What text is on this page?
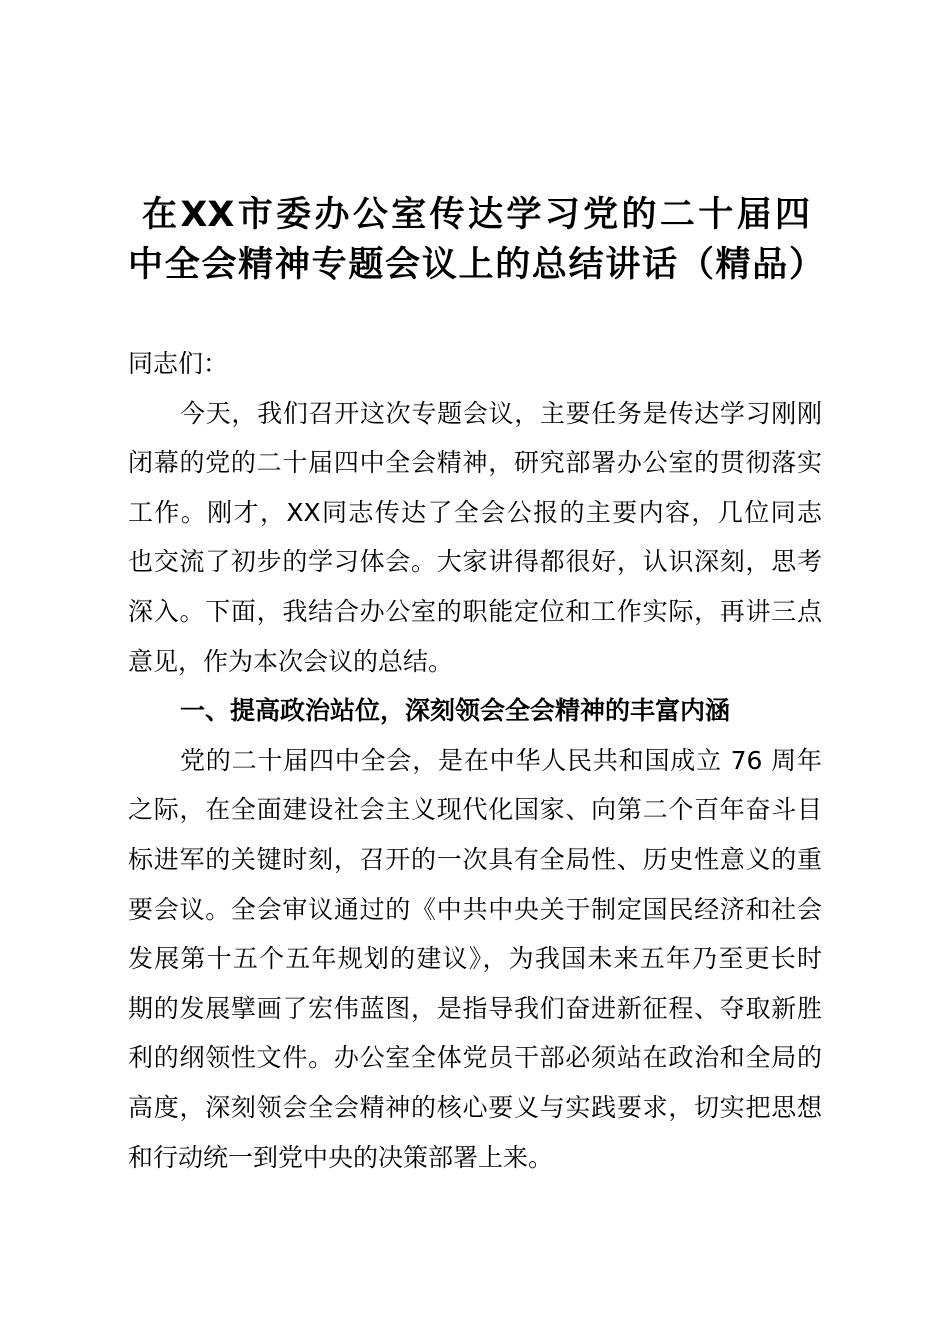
在XX市委办公室传达学习党的二十届四
中全会精神专题会议上的总结讲话（精品）
同志们：
今天，我们召开这次专题会议，主要任务是传达学习刚刚
闭幕的党的二十届四中全会精神，研究部署办公室的贯彻落实
工作。刚才，XX同志传达了全会公报的主要内容，几位同志
也交流了初步的学习体会。大家讲得都很好，认识深刻，思考
深入。下面，我结合办公室的职能定位和工作实际，再讲三点
意见，作为本次会议的总结。
一、提高政治站位，深刻领会全会精神的丰富内涵
党的二十届四中全会，是在中华人民共和国成立 76 周年
之际，在全面建设社会主义现代化国家、向第二个百年奋斗目
标进军的关键时刻，召开的一次具有全局性、历史性意义的重
要会议。全会审议通过的《中共中央关于制定国民经济和社会
发展第十五个五年规划的建议》，为我国未来五年乃至更长时
期的发展擘画了宏伟蓝图，是指导我们奋进新征程、夺取新胜
利的纲领性文件。办公室全体党员干部必须站在政治和全局的
高度，深刻领会全会精神的核心要义与实践要求，切实把思想
和行动统一到党中央的决策部署上来。
